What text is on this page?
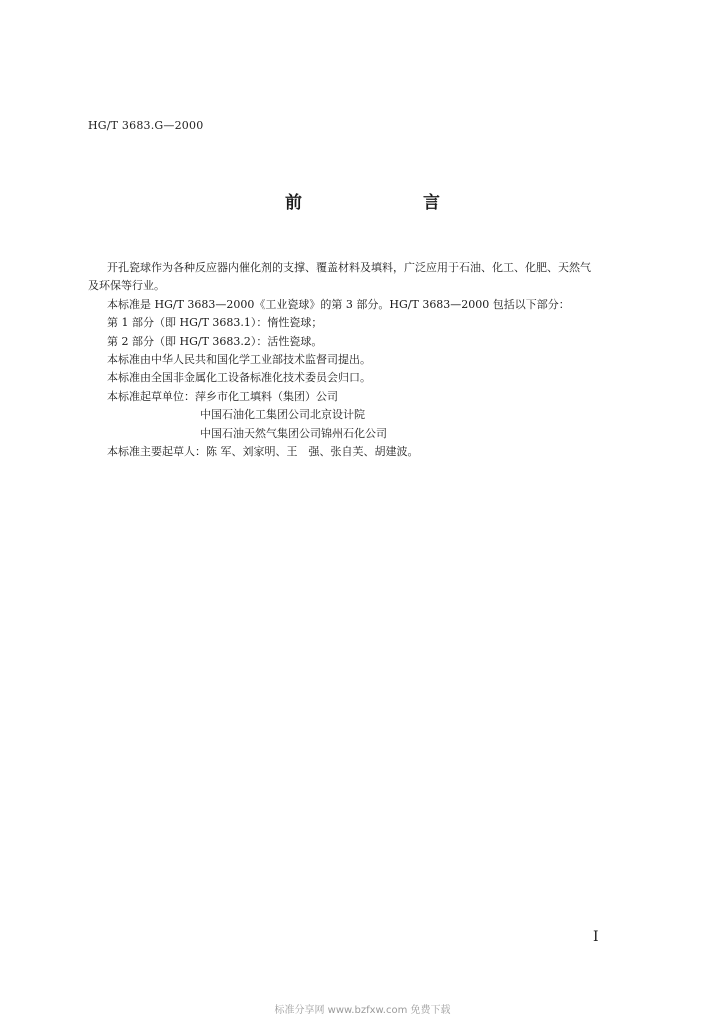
HG/T 3683.G—2000
前　言

开孔瓷球作为各种反应器内催化剂的支撑、覆盖材料及填料，广泛应用于石油、化工、化肥、天然气

及环保等行业。

本标准是 HG/T 3683—2000《工业瓷球》的第 3 部分。HG/T 3683—2000 包括以下部分：

第 1 部分（即 HG/T 3683.1）：惰性瓷球；

第 2 部分（即 HG/T 3683.2）：活性瓷球。

本标准由中华人民共和国化学工业部技术监督司提出。

本标准由全国非金属化工设备标准化技术委员会归口。

本标准起草单位：萍乡市化工填料（集团）公司

中国石油化工集团公司北京设计院

中国石油天然气集团公司锦州石化公司

本标准主要起草人：陈 军、刘家明、王　强、张自芙、胡建波。

I
标准分享网 www.bzfxw.com 免费下载
